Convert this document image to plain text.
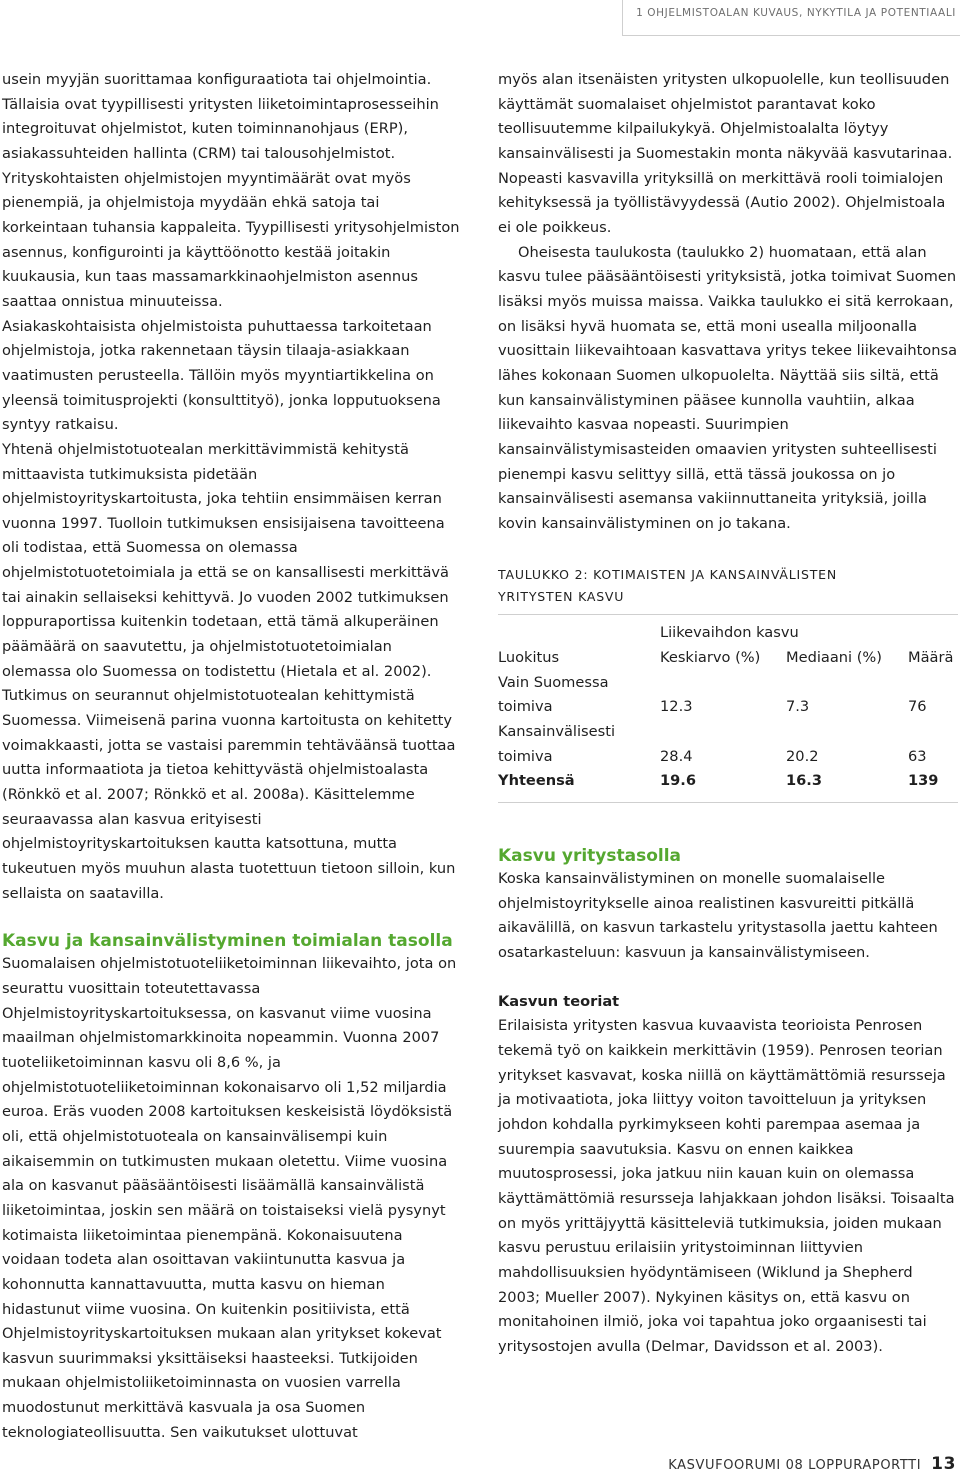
1 OHJELMISTOALAN KUVAUS, NYKYTILA JA POTENTIAALI

usein myyjän suorittamaa konfiguraatiota tai ohjelmointia. Tällaisia ovat tyypillisesti yritysten liiketoimintaprosesseihin integroituvat ohjelmistot, kuten toiminnanohjaus (ERP), asiakassuhteiden hallinta (CRM) tai talousohjelmistot. Yrityskohtaisten ohjelmistojen myyntimäärät ovat myös pienempiä, ja ohjelmistoja myydään ehkä satoja tai korkeintaan tuhansia kappaleita. Tyypillisesti yritysohjelmiston asennus, konfigurointi ja käyttöönotto kestää joitakin kuukausia, kun taas massamarkkinaohjelmiston asennus saattaa onnistua minuuteissa.

Asiakaskohtaisista ohjelmistoista puhuttaessa tarkoitetaan ohjelmistoja, jotka rakennetaan täysin tilaaja-asiakkaan vaatimusten perusteella. Tällöin myös myyntiartikkelina on yleensä toimitusprojekti (konsulttityö), jonka lopputuoksena syntyy ratkaisu.

Yhtenä ohjelmistotuotealan merkittävimmistä kehitystä mittaavista tutkimuksista pidetään ohjelmistoyrityskartoitusta, joka tehtiin ensimmäisen kerran vuonna 1997. Tuolloin tutkimuksen ensisijaisena tavoitteena oli todistaa, että Suomessa on olemassa ohjelmistotuotetoimiala ja että se on kansallisesti merkittävä tai ainakin sellaiseksi kehittyvä. Jo vuoden 2002 tutkimuksen loppuraportissa kuitenkin todetaan, että tämä alkuperäinen päämäärä on saavutettu, ja ohjelmistotuotetoimialan olemassa olo Suomessa on todistettu (Hietala et al. 2002). Tutkimus on seurannut ohjelmistotuotealan kehittymistä Suomessa. Viimeisenä parina vuonna kartoitusta on kehitetty voimakkaasti, jotta se vastaisi paremmin tehtäväänsä tuottaa uutta informaatiota ja tietoa kehittyvästä ohjelmistoalasta (Rönkkö et al. 2007; Rönkkö et al. 2008a). Käsittelemme seuraavassa alan kasvua erityisesti ohjelmistoyrityskartoituksen kautta katsottuna, mutta tukeutuen myös muuhun alasta tuotettuun tietoon silloin, kun sellaista on saatavilla.

Kasvu ja kansainvälistyminen toimialan tasolla

Suomalaisen ohjelmistotuoteliiketoiminnan liikevaihto, jota on seurattu vuosittain toteutettavassa Ohjelmistoyrityskartoituksessa, on kasvanut viime vuosina maailman ohjelmistomarkkinoita nopeammin. Vuonna 2007 tuoteliiketoiminnan kasvu oli 8,6 %, ja ohjelmistotuoteliiketoiminnan kokonaisarvo oli 1,52 miljardia euroa. Eräs vuoden 2008 kartoituksen keskeisistä löydöksistä oli, että ohjelmistotuoteala on kansainvälisempi kuin aikaisemmin on tutkimusten mukaan oletettu. Viime vuosina ala on kasvanut pääsääntöisesti lisäämällä kansainvälistä liiketoimintaa, joskin sen määrä on toistaiseksi vielä pysynyt kotimaista liiketoimintaa pienempänä. Kokonaisuutena voidaan todeta alan osoittavan vakiintunutta kasvua ja kohonnutta kannattavuutta, mutta kasvu on hieman hidastunut viime vuosina. On kuitenkin positiivista, että Ohjelmistoyrityskartoituksen mukaan alan yritykset kokevat kasvun suurimmaksi yksittäiseksi haasteeksi. Tutkijoiden mukaan ohjelmistoliiketoiminnasta on vuosien varrella muodostunut merkittävä kasvuala ja osa Suomen teknologiateollisuutta. Sen vaikutukset ulottuvat

myös alan itsenäisten yritysten ulkopuolelle, kun teollisuuden käyttämät suomalaiset ohjelmistot parantavat koko teollisuutemme kilpailukykyä. Ohjelmistoalalta löytyy kansainvälisesti ja Suomestakin monta näkyvää kasvutarinaa. Nopeasti kasvavilla yrityksillä on merkittävä rooli toimialojen kehityksessä ja työllistävyydessä (Autio 2002). Ohjelmistoala ei ole poikkeus.

Oheisesta taulukosta (taulukko 2) huomataan, että alan kasvu tulee pääsääntöisesti yrityksistä, jotka toimivat Suomen lisäksi myös muissa maissa. Vaikka taulukko ei sitä kerrokaan, on lisäksi hyvä huomata se, että moni usealla miljoonalla vuosittain liikevaihtoaan kasvattava yritys tekee liikevaihtonsa lähes kokonaan Suomen ulkopuolelta. Näyttää siis siltä, että kun kansainvälistyminen pääsee kunnolla vauhtiin, alkaa liikevaihto kasvaa nopeasti. Suurimpien kansainvälistymisasteiden omaavien yritysten suhteellisesti pienempi kasvu selittyy sillä, että tässä joukossa on jo kansainvälisesti asemansa vakiinnuttaneita yrityksiä, joilla kovin kansainvälistyminen on jo takana.

TAULUKKO 2: KOTIMAISTEN JA KANSAINVÄLISTEN

YRITYSTEN KASVU

	Liikevaihdon kasvu		
Luokitus	Keskiarvo (%)	Mediaani (%)	Määrä
Vain Suomessa			
toimiva	12.3	7.3	76
Kansainvälisesti			
toimiva	28.4	20.2	63
Yhteensä	19.6	16.3	139
Kasvu yritystasolla

Koska kansainvälistyminen on monelle suomalaiselle ohjelmistoyritykselle ainoa realistinen kasvureitti pitkällä aikavälillä, on kasvun tarkastelu yritystasolla jaettu kahteen osatarkasteluun: kasvuun ja kansainvälistymiseen.

Kasvun teoriat

Erilaisista yritysten kasvua kuvaavista teorioista Penrosen tekemä työ on kaikkein merkittävin (1959). Penrosen teorian yritykset kasvavat, koska niillä on käyttämättömiä resursseja ja motivaatiota, joka liittyy voiton tavoitteluun ja yrityksen johdon kohdalla pyrkimykseen kohti parempaa asemaa ja suurempia saavutuksia. Kasvu on ennen kaikkea muutosprosessi, joka jatkuu niin kauan kuin on olemassa käyttämättömiä resursseja lahjakkaan johdon lisäksi. Toisaalta on myös yrittäjyyttä käsitteleviä tutkimuksia, joiden mukaan kasvu perustuu erilaisiin yritystoiminnan liittyvien mahdollisuuksien hyödyntämiseen (Wiklund ja Shepherd 2003; Mueller 2007). Nykyinen käsitys on, että kasvu on monitahoinen ilmiö, joka voi tapahtua joko orgaanisesti tai yritysostojen avulla (Delmar, Davidsson et al. 2003).

KASVUFOORUMI 08 LOPPURAPORTTI 13
